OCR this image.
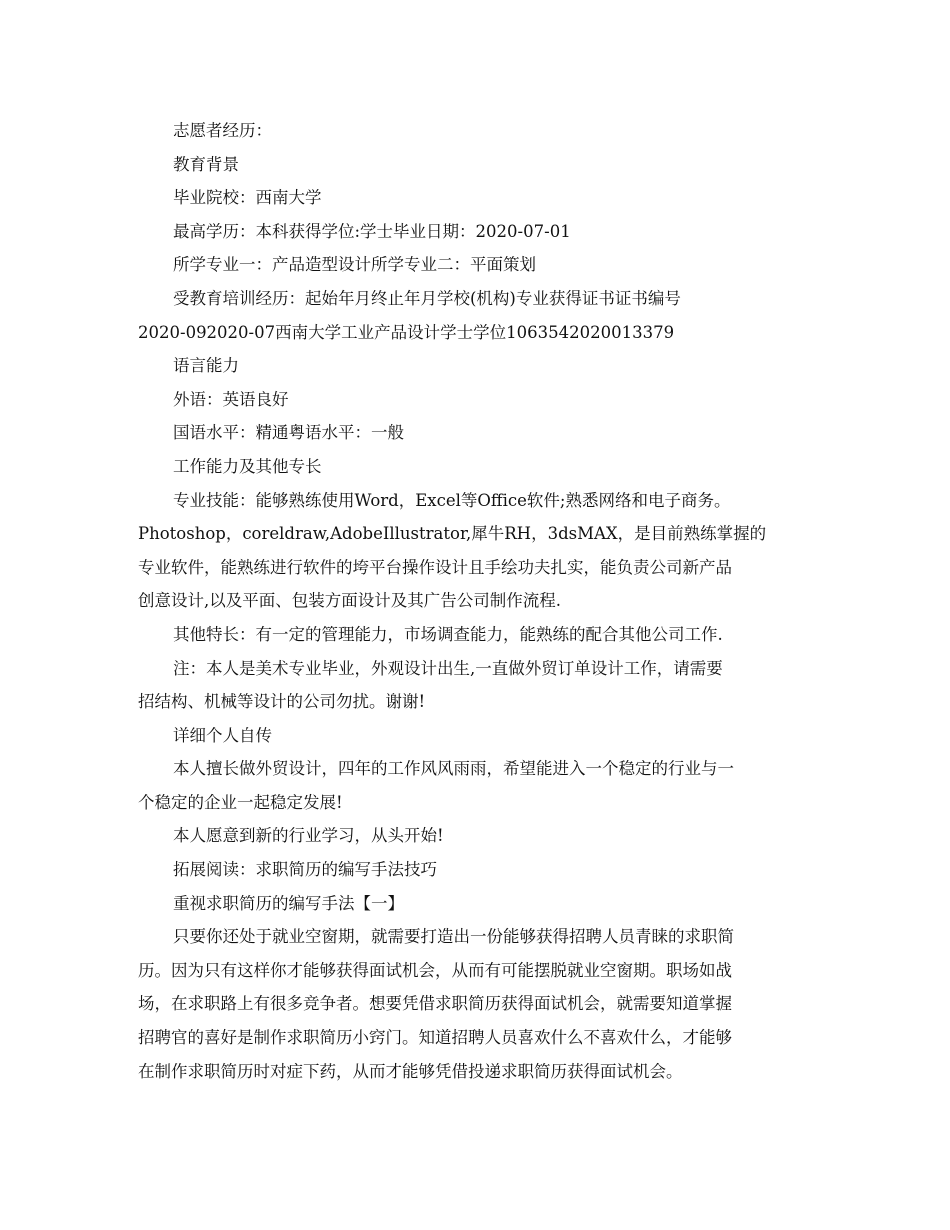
志愿者经历：

教育背景

毕业院校：西南大学

最高学历：本科获得学位:学士毕业日期：2020-07-01

所学专业一：产品造型设计所学专业二：平面策划

受教育培训经历：起始年月终止年月学校(机构)专业获得证书证书编号

2020-092020-07西南大学工业产品设计学士学位1063542020013379

语言能力

外语：英语良好

国语水平：精通粤语水平：一般

工作能力及其他专长

专业技能：能够熟练使用Word，Excel等Office软件;熟悉网络和电子商务。

Photoshop，coreldraw,AdobeIllustrator,犀牛RH，3dsMAX，是目前熟练掌握的

专业软件，能熟练进行软件的垮平台操作设计且手绘功夫扎实，能负责公司新产品

创意设计,以及平面、包装方面设计及其广告公司制作流程.

其他特长：有一定的管理能力，市场调查能力，能熟练的配合其他公司工作.

注：本人是美术专业毕业，外观设计出生,一直做外贸订单设计工作，请需要

招结构、机械等设计的公司勿扰。谢谢!

详细个人自传

本人擅长做外贸设计，四年的工作风风雨雨，希望能进入一个稳定的行业与一

个稳定的企业一起稳定发展!

本人愿意到新的行业学习，从头开始!

拓展阅读：求职简历的编写手法技巧

重视求职简历的编写手法【一】

只要你还处于就业空窗期，就需要打造出一份能够获得招聘人员青睐的求职简

历。因为只有这样你才能够获得面试机会，从而有可能摆脱就业空窗期。职场如战

场，在求职路上有很多竞争者。想要凭借求职简历获得面试机会，就需要知道掌握

招聘官的喜好是制作求职简历小窍门。知道招聘人员喜欢什么不喜欢什么，才能够

在制作求职简历时对症下药，从而才能够凭借投递求职简历获得面试机会。
